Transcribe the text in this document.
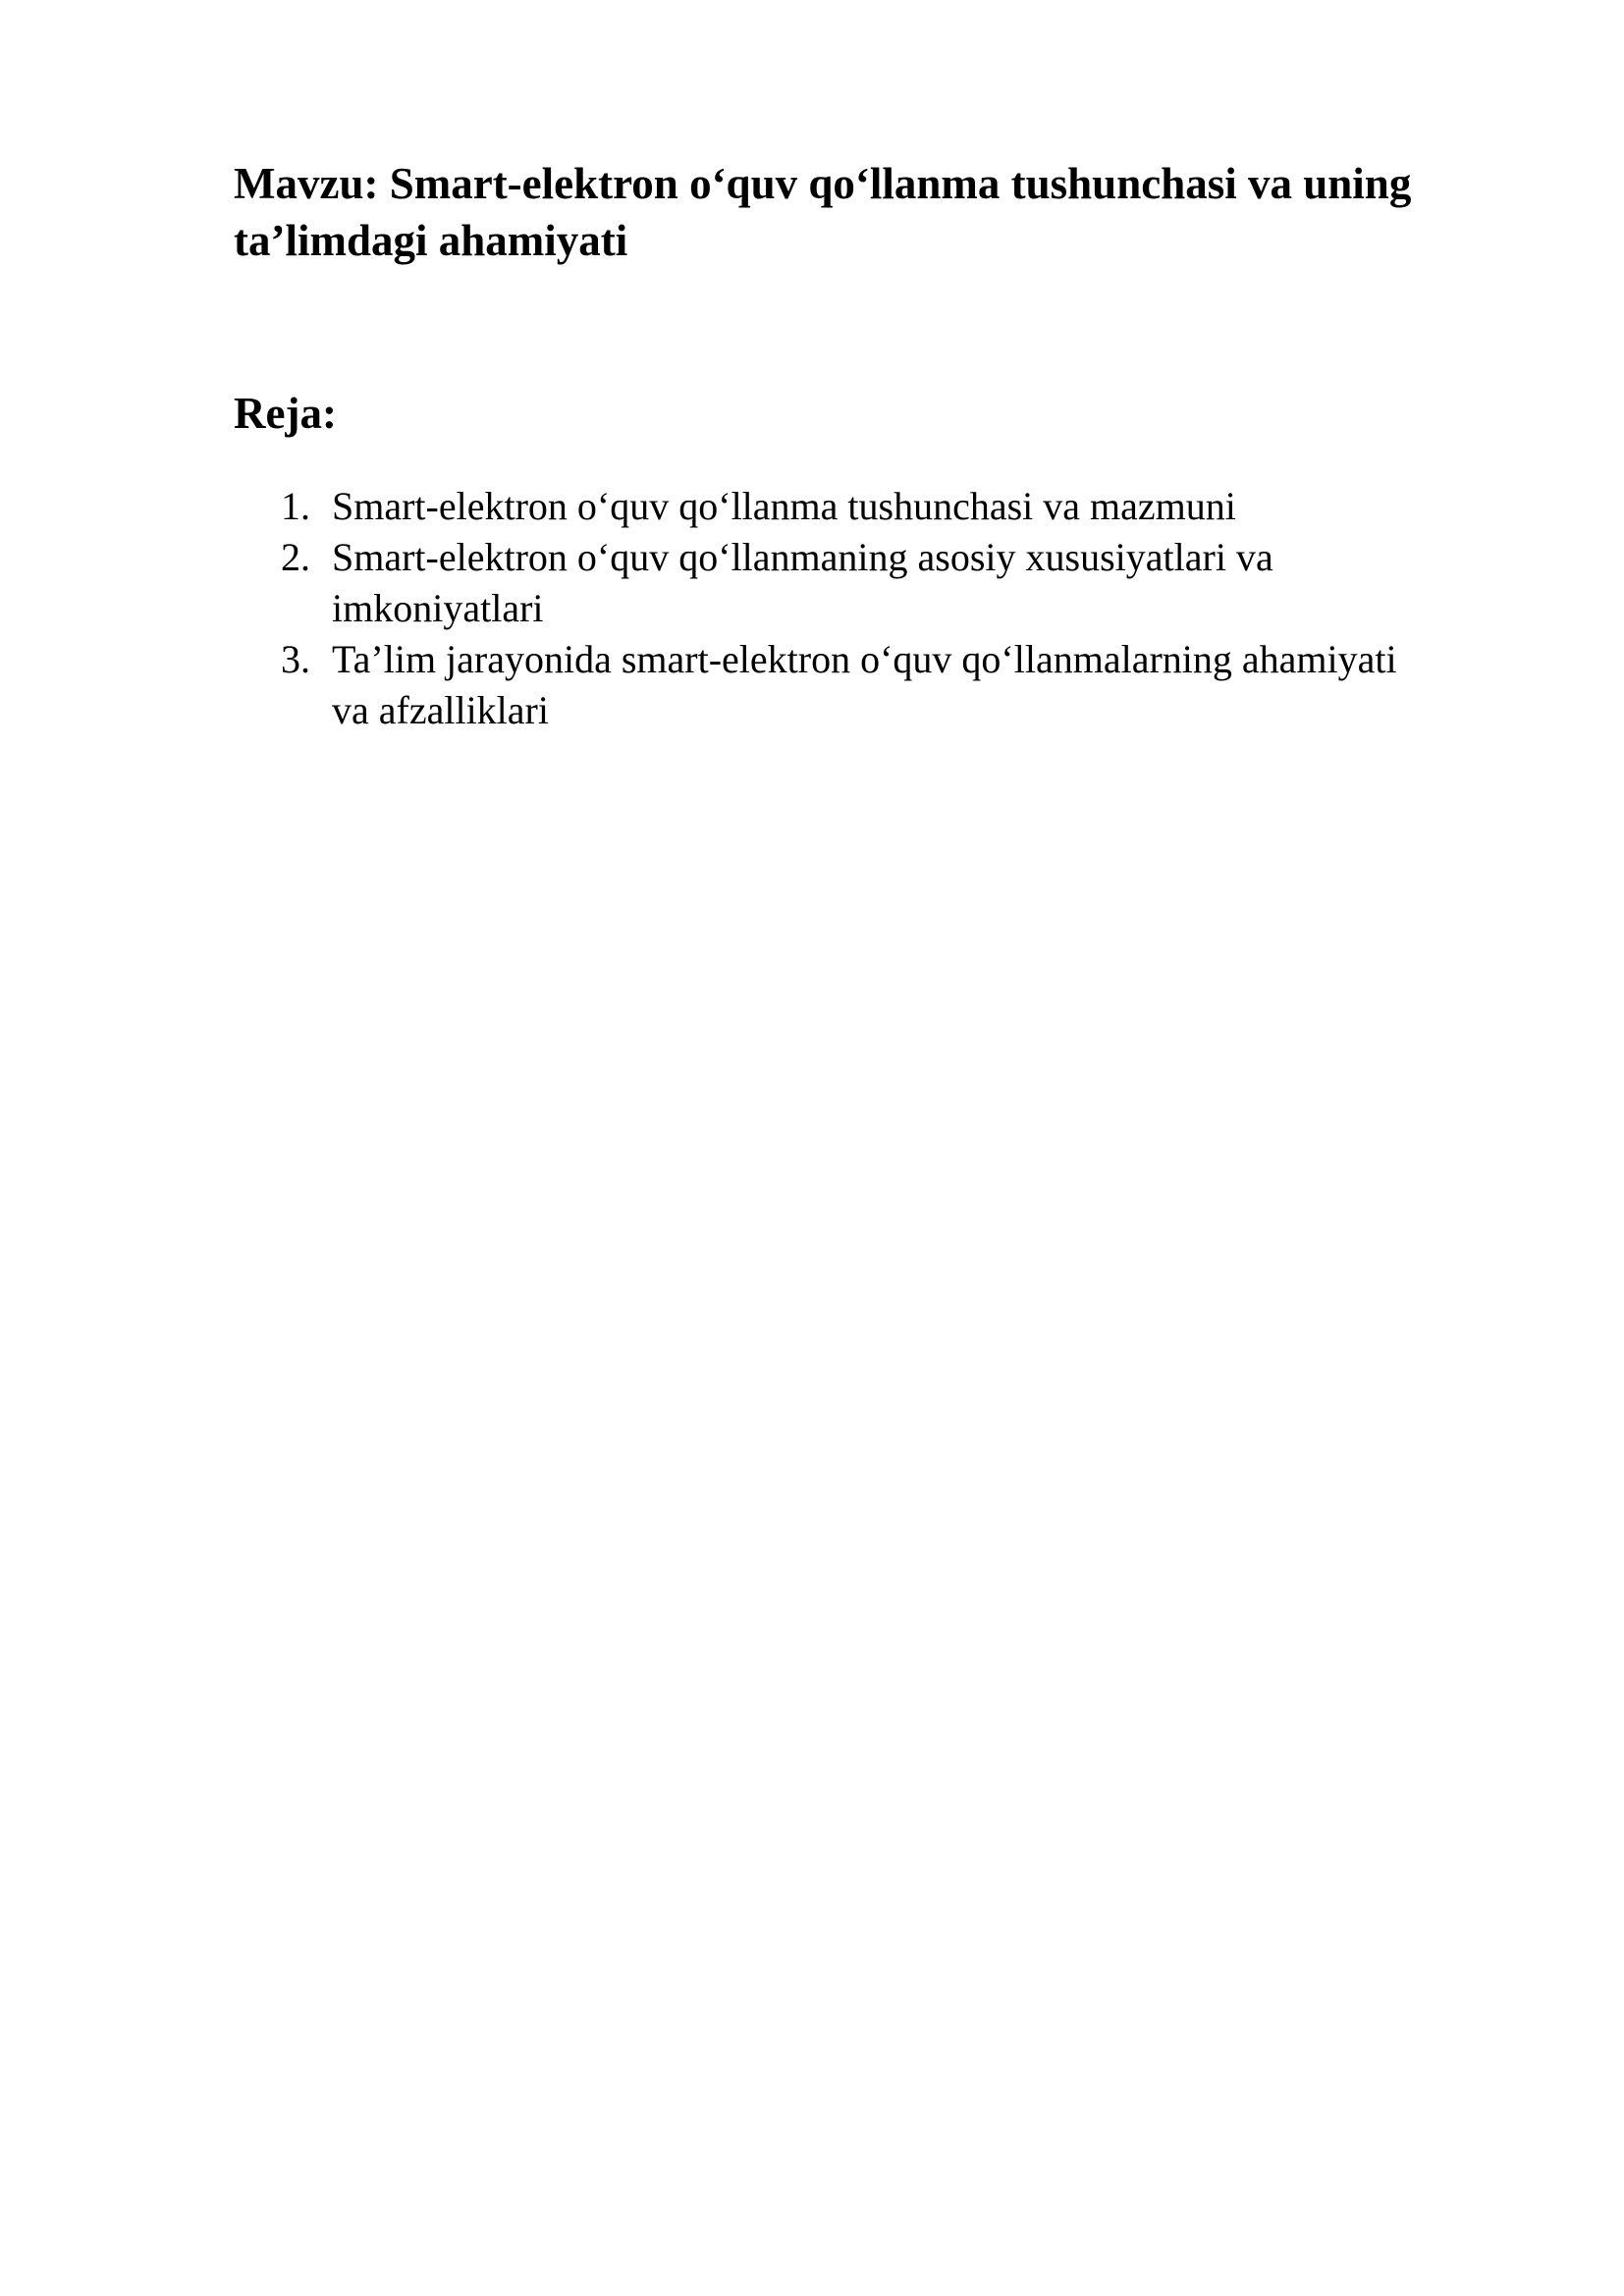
Mavzu: Smart-elektron o‘quv qo‘llanma tushunchasi va uning ta’limdagi ahamiyati
Reja:
1. Smart-elektron o‘quv qo‘llanma tushunchasi va mazmuni
2. Smart-elektron o‘quv qo‘llanmaning asosiy xususiyatlari va imkoniyatlari
3. Ta’lim jarayonida smart-elektron o‘quv qo‘llanmalarning ahamiyati va afzalliklari
